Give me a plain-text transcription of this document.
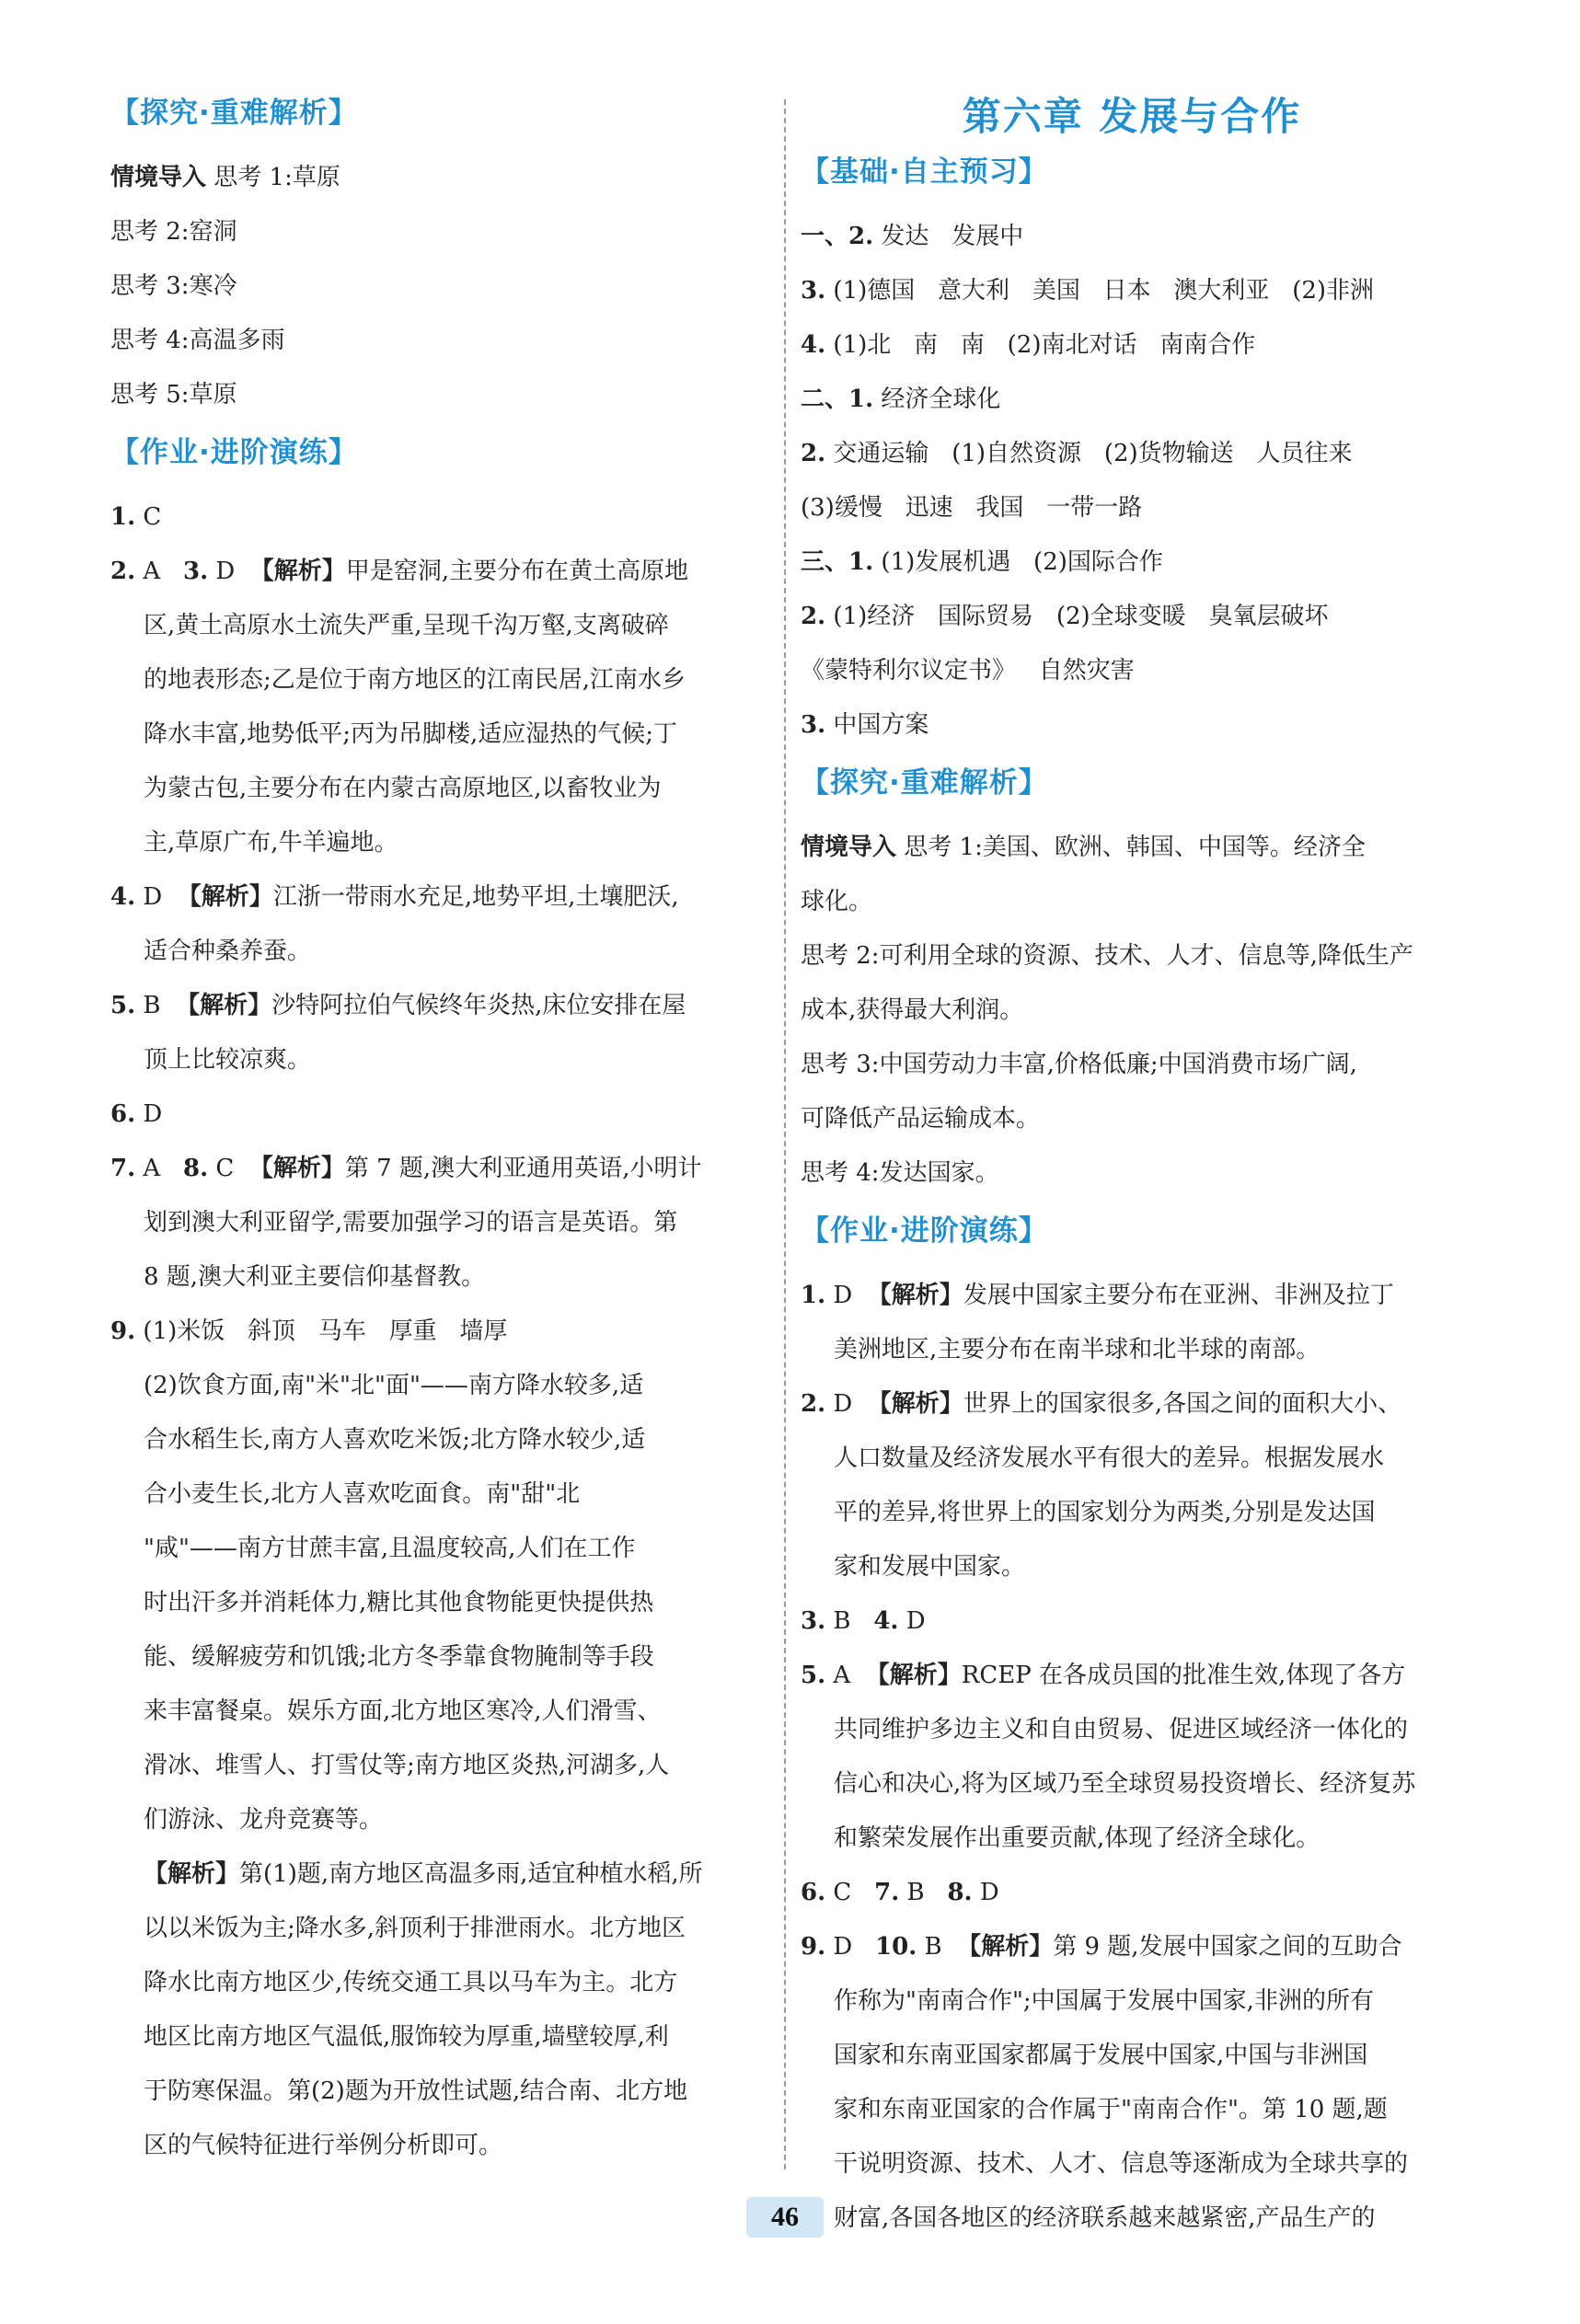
【探究·重难解析】
情境导入 思考 1:草原
思考 2:窑洞
思考 3:寒冷
思考 4:高温多雨
思考 5:草原
【作业·进阶演练】
1. C
2. A   3. D  【解析】甲是窑洞,主要分布在黄土高原地
区,黄土高原水土流失严重,呈现千沟万壑,支离破碎
的地表形态;乙是位于南方地区的江南民居,江南水乡
降水丰富,地势低平;丙为吊脚楼,适应湿热的气候;丁
为蒙古包,主要分布在内蒙古高原地区,以畜牧业为
主,草原广布,牛羊遍地。
4. D  【解析】江浙一带雨水充足,地势平坦,土壤肥沃,
适合种桑养蚕。
5. B  【解析】沙特阿拉伯气候终年炎热,床位安排在屋
顶上比较凉爽。
6. D
7. A   8. C  【解析】第 7 题,澳大利亚通用英语,小明计
划到澳大利亚留学,需要加强学习的语言是英语。第
8 题,澳大利亚主要信仰基督教。
9. (1)米饭   斜顶   马车   厚重   墙厚
(2)饮食方面,南"米"北"面"——南方降水较多,适
合水稻生长,南方人喜欢吃米饭;北方降水较少,适
合小麦生长,北方人喜欢吃面食。南"甜"北
"咸"——南方甘蔗丰富,且温度较高,人们在工作
时出汗多并消耗体力,糖比其他食物能更快提供热
能、缓解疲劳和饥饿;北方冬季靠食物腌制等手段
来丰富餐桌。娱乐方面,北方地区寒冷,人们滑雪、
滑冰、堆雪人、打雪仗等;南方地区炎热,河湖多,人
们游泳、龙舟竞赛等。
【解析】第(1)题,南方地区高温多雨,适宜种植水稻,所
以以米饭为主;降水多,斜顶利于排泄雨水。北方地区
降水比南方地区少,传统交通工具以马车为主。北方
地区比南方地区气温低,服饰较为厚重,墙壁较厚,利
于防寒保温。第(2)题为开放性试题,结合南、北方地
区的气候特征进行举例分析即可。
第六章 发展与合作
【基础·自主预习】
一、2. 发达   发展中
3. (1)德国   意大利   美国   日本   澳大利亚   (2)非洲
4. (1)北   南   南   (2)南北对话   南南合作
二、1. 经济全球化
2. 交通运输   (1)自然资源   (2)货物输送   人员往来
(3)缓慢   迅速   我国   一带一路
三、1. (1)发展机遇   (2)国际合作
2. (1)经济   国际贸易   (2)全球变暖   臭氧层破坏
《蒙特利尔议定书》   自然灾害
3. 中国方案
【探究·重难解析】
情境导入 思考 1:美国、欧洲、韩国、中国等。经济全
球化。
思考 2:可利用全球的资源、技术、人才、信息等,降低生产
成本,获得最大利润。
思考 3:中国劳动力丰富,价格低廉;中国消费市场广阔,
可降低产品运输成本。
思考 4:发达国家。
【作业·进阶演练】
1. D  【解析】发展中国家主要分布在亚洲、非洲及拉丁
美洲地区,主要分布在南半球和北半球的南部。
2. D  【解析】世界上的国家很多,各国之间的面积大小、
人口数量及经济发展水平有很大的差异。根据发展水
平的差异,将世界上的国家划分为两类,分别是发达国
家和发展中国家。
3. B   4. D
5. A  【解析】RCEP 在各成员国的批准生效,体现了各方
共同维护多边主义和自由贸易、促进区域经济一体化的
信心和决心,将为区域乃至全球贸易投资增长、经济复苏
和繁荣发展作出重要贡献,体现了经济全球化。
6. C   7. B   8. D
9. D   10. B  【解析】第 9 题,发展中国家之间的互助合
作称为"南南合作";中国属于发展中国家,非洲的所有
国家和东南亚国家都属于发展中国家,中国与非洲国
家和东南亚国家的合作属于"南南合作"。第 10 题,题
干说明资源、技术、人才、信息等逐渐成为全球共享的
财富,各国各地区的经济联系越来越紧密,产品生产的
46
